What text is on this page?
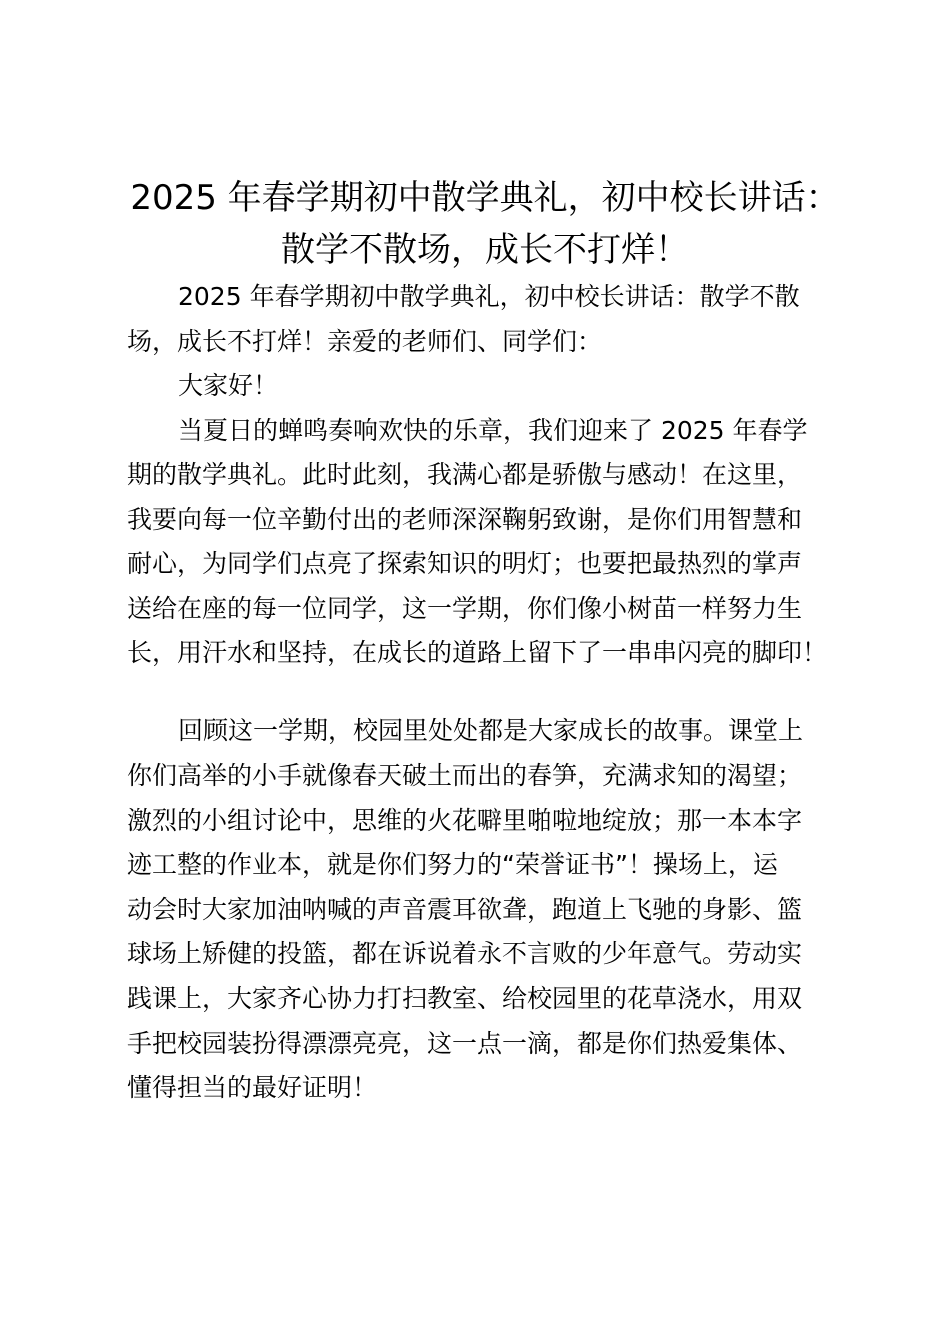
2025 年春学期初中散学典礼，初中校长讲话：
散学不散场，成长不打烊！

2025 年春学期初中散学典礼，初中校长讲话：散学不散

场，成长不打烊！亲爱的老师们、同学们：

大家好！

当夏日的蝉鸣奏响欢快的乐章，我们迎来了 2025 年春学

期的散学典礼。此时此刻，我满心都是骄傲与感动！在这里，

我要向每一位辛勤付出的老师深深鞠躬致谢，是你们用智慧和

耐心，为同学们点亮了探索知识的明灯；也要把最热烈的掌声

送给在座的每一位同学，这一学期，你们像小树苗一样努力生

长，用汗水和坚持，在成长的道路上留下了一串串闪亮的脚印！

回顾这一学期，校园里处处都是大家成长的故事。课堂上

你们高举的小手就像春天破土而出的春笋，充满求知的渴望；

激烈的小组讨论中，思维的火花噼里啪啦地绽放；那一本本字

迹工整的作业本，就是你们努力的“荣誉证书”！操场上，运

动会时大家加油呐喊的声音震耳欲聋，跑道上飞驰的身影、篮

球场上矫健的投篮，都在诉说着永不言败的少年意气。劳动实

践课上，大家齐心协力打扫教室、给校园里的花草浇水，用双

手把校园装扮得漂漂亮亮，这一点一滴，都是你们热爱集体、

懂得担当的最好证明！
